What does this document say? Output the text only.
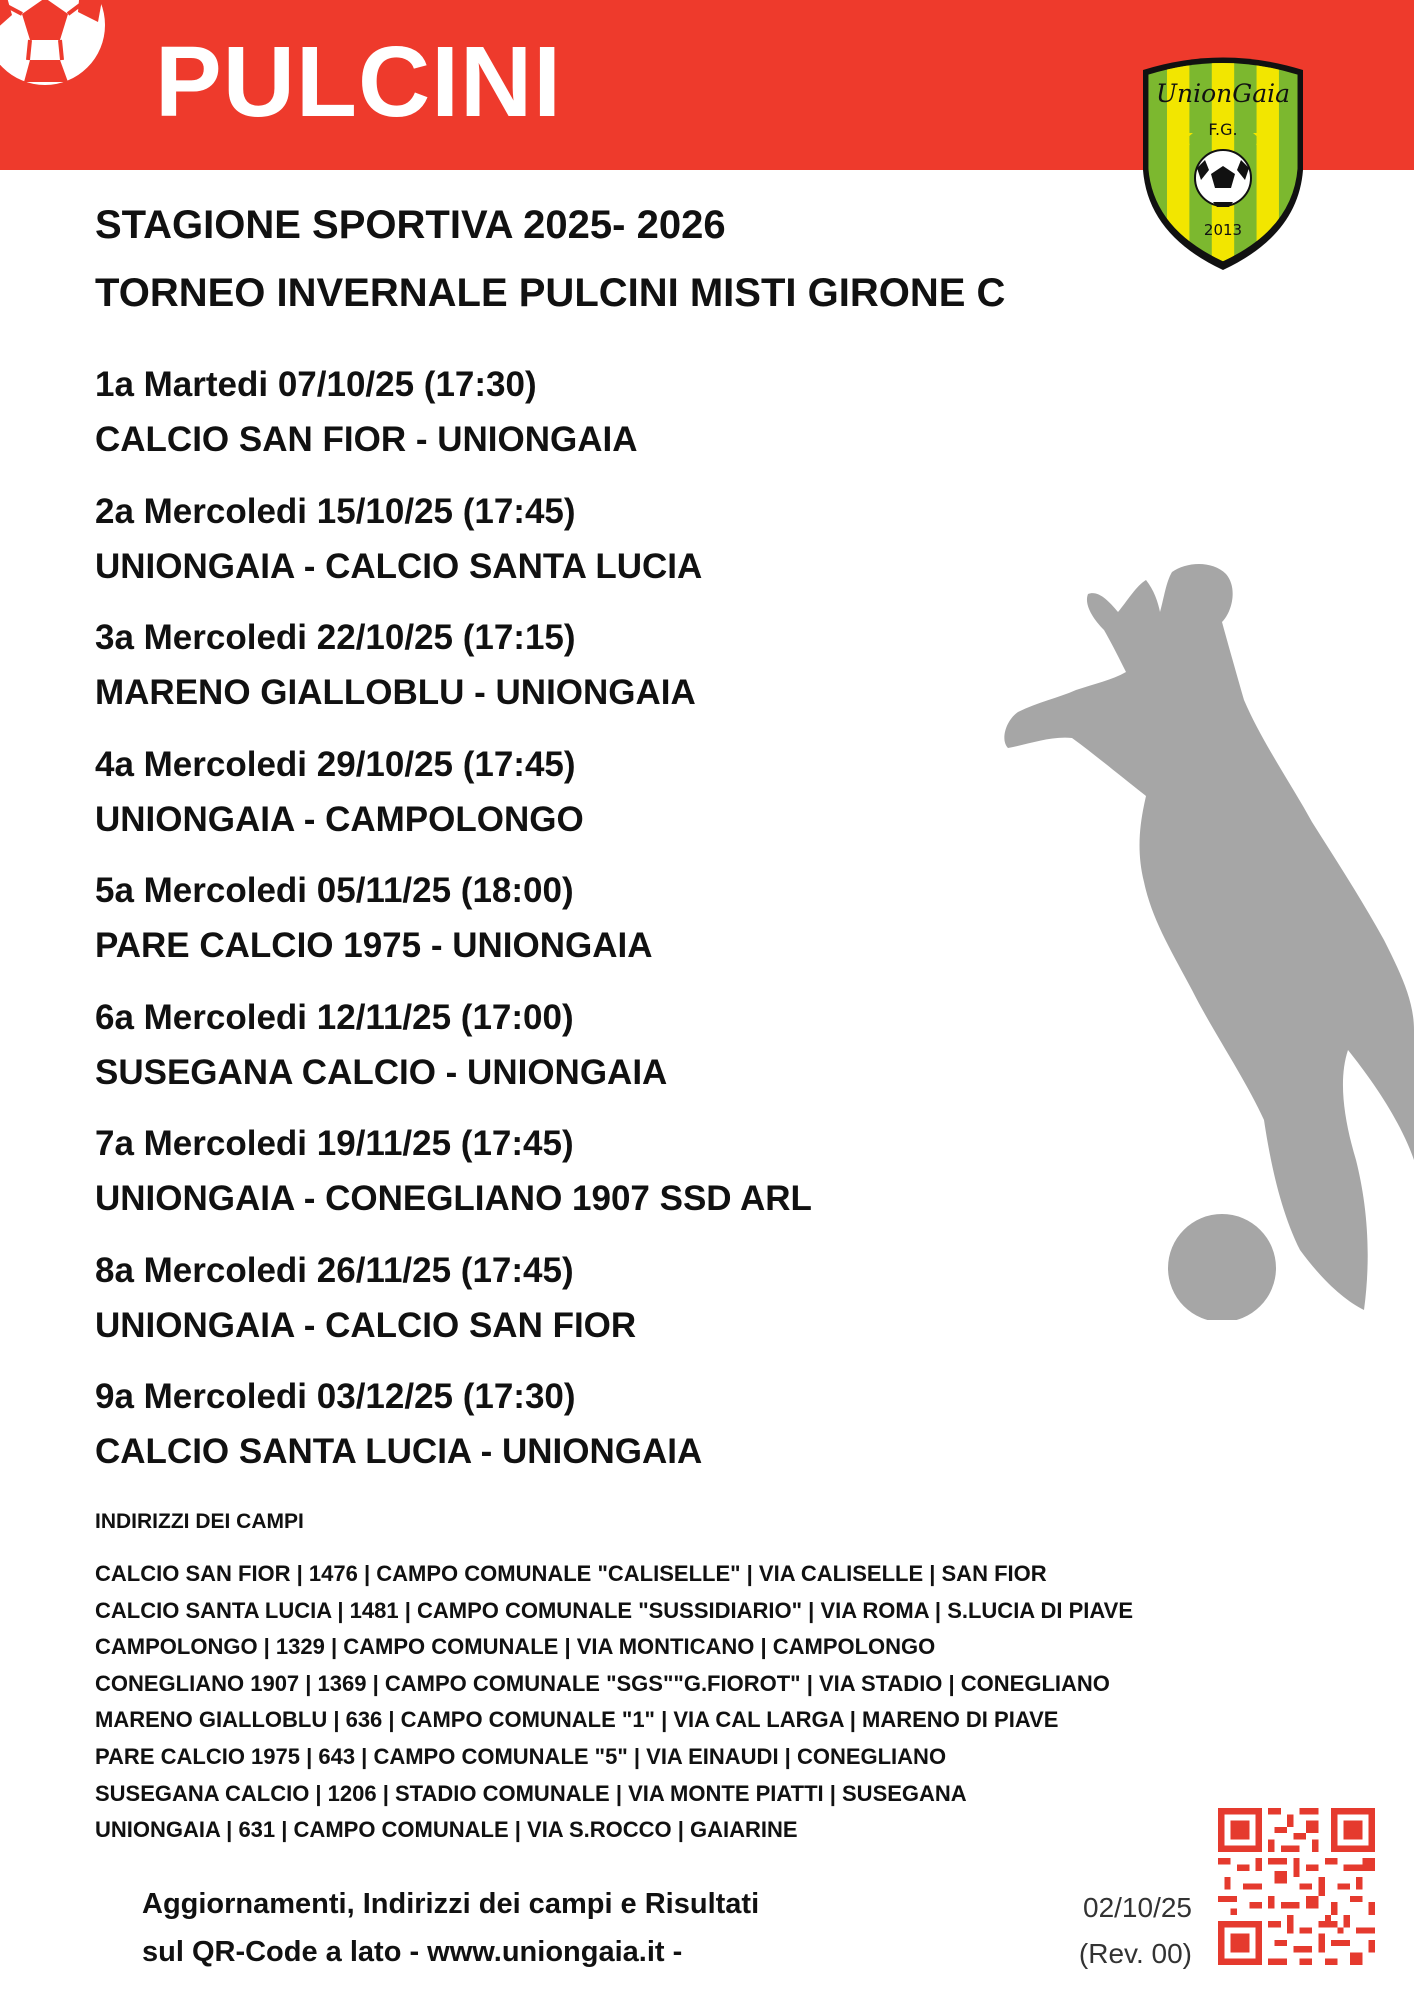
PULCINI	UnionGaia
F.G.
2013
STAGIONE SPORTIVA 2025- 2026
TORNEO INVERNALE PULCINI MISTI GIRONE C
1a Martedi 07/10/25 (17:30)
CALCIO SAN FIOR - UNIONGAIA
2a Mercoledi 15/10/25 (17:45)
UNIONGAIA - CALCIO SANTA LUCIA
3a Mercoledi 22/10/25 (17:15)
MARENO GIALLOBLU - UNIONGAIA
4a Mercoledi 29/10/25 (17:45)
UNIONGAIA - CAMPOLONGO
5a Mercoledi 05/11/25 (18:00)
PARE CALCIO 1975 - UNIONGAIA
6a Mercoledi 12/11/25 (17:00)
SUSEGANA CALCIO - UNIONGAIA
7a Mercoledi 19/11/25 (17:45)
UNIONGAIA - CONEGLIANO 1907 SSD ARL
8a Mercoledi 26/11/25 (17:45)
UNIONGAIA - CALCIO SAN FIOR
9a Mercoledi 03/12/25 (17:30)
CALCIO SANTA LUCIA - UNIONGAIA
INDIRIZZI DEI CAMPI
CALCIO SAN FIOR | 1476 | CAMPO COMUNALE "CALISELLE" | VIA CALISELLE | SAN FIOR
CALCIO SANTA LUCIA | 1481 | CAMPO COMUNALE "SUSSIDIARIO" | VIA ROMA | S.LUCIA DI PIAVE
CAMPOLONGO | 1329 | CAMPO COMUNALE | VIA MONTICANO | CAMPOLONGO
CONEGLIANO 1907 | 1369 | CAMPO COMUNALE "SGS""G.FIOROT" | VIA STADIO | CONEGLIANO
MARENO GIALLOBLU | 636 | CAMPO COMUNALE "1" | VIA CAL LARGA | MARENO DI PIAVE
PARE CALCIO 1975 | 643 | CAMPO COMUNALE "5" | VIA EINAUDI | CONEGLIANO
SUSEGANA CALCIO | 1206 | STADIO COMUNALE | VIA MONTE PIATTI | SUSEGANA
UNIONGAIA | 631 | CAMPO COMUNALE | VIA S.ROCCO | GAIARINE
Aggiornamenti, Indirizzi dei campi e Risultati
sul QR-Code a lato - www.uniongaia.it -
02/10/25
(Rev. 00)
